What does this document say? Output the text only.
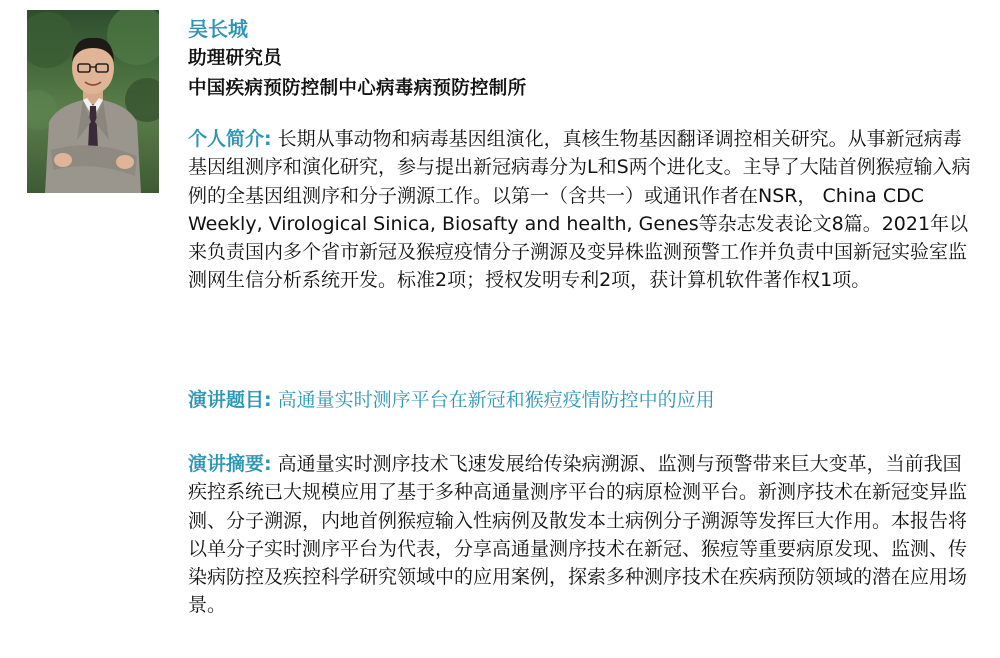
吴长城
助理研究员
中国疾病预防控制中心病毒病预防控制所
个人简介: 长期从事动物和病毒基因组演化，真核生物基因翻译调控相关研究。从事新冠病毒基因组测序和演化研究，参与提出新冠病毒分为L和S两个进化支。主导了大陆首例猴痘输入病例的全基因组测序和分子溯源工作。以第一（含共一）或通讯作者在NSR， China CDC Weekly, Virological Sinica, Biosafty and health, Genes等杂志发表论文8篇。2021年以来负责国内多个省市新冠及猴痘疫情分子溯源及变异株监测预警工作并负责中国新冠实验室监测网生信分析系统开发。标准2项；授权发明专利2项，获计算机软件著作权1项。
演讲题目: 高通量实时测序平台在新冠和猴痘疫情防控中的应用
演讲摘要: 高通量实时测序技术飞速发展给传染病溯源、监测与预警带来巨大变革，当前我国疾控系统已大规模应用了基于多种高通量测序平台的病原检测平台。新测序技术在新冠变异监测、分子溯源，内地首例猴痘输入性病例及散发本土病例分子溯源等发挥巨大作用。本报告将以单分子实时测序平台为代表，分享高通量测序技术在新冠、猴痘等重要病原发现、监测、传染病防控及疾控科学研究领域中的应用案例，探索多种测序技术在疾病预防领域的潜在应用场景。
